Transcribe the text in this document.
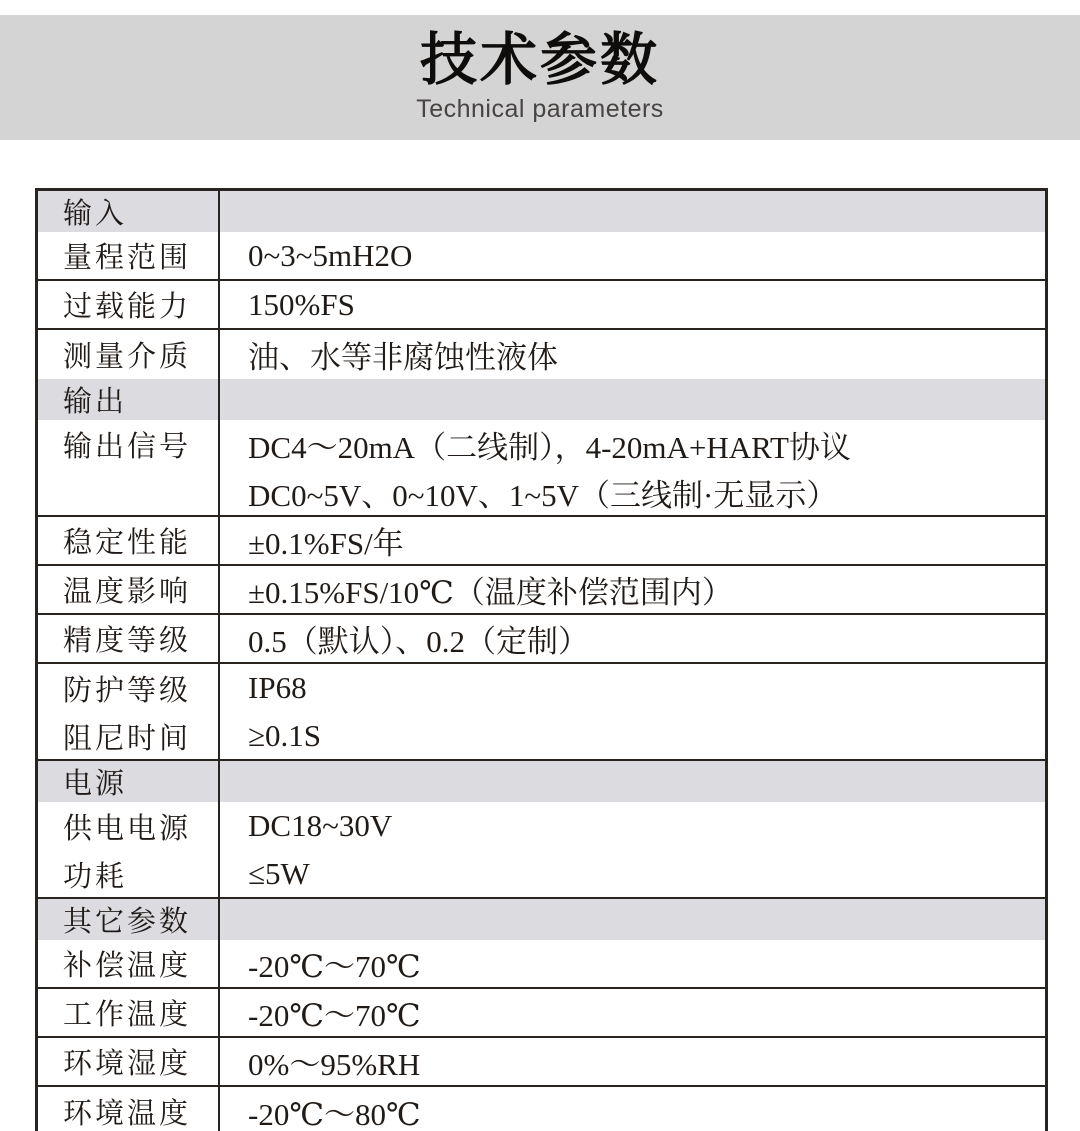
技术参数
Technical parameters
输入
量程范围 0~3~5mH2O
过载能力 150%FS
测量介质 油、水等非腐蚀性液体
输出
输出信号 DC4～20mA（二线制），4-20mA+HART协议
DC0~5V、0~10V、1~5V（三线制·无显示）
稳定性能 ±0.1%FS/年
温度影响 ±0.15%FS/10℃（温度补偿范围内）
精度等级 0.5（默认）、0.2（定制）
防护等级
阻尼时间
IP68
≥0.1S
电源
供电电源
功耗
DC18~30V
≤5W
其它参数
补偿温度 -20℃～70℃
工作温度 -20℃～70℃
环境湿度 0%～95%RH
环境温度 -20℃～80℃
